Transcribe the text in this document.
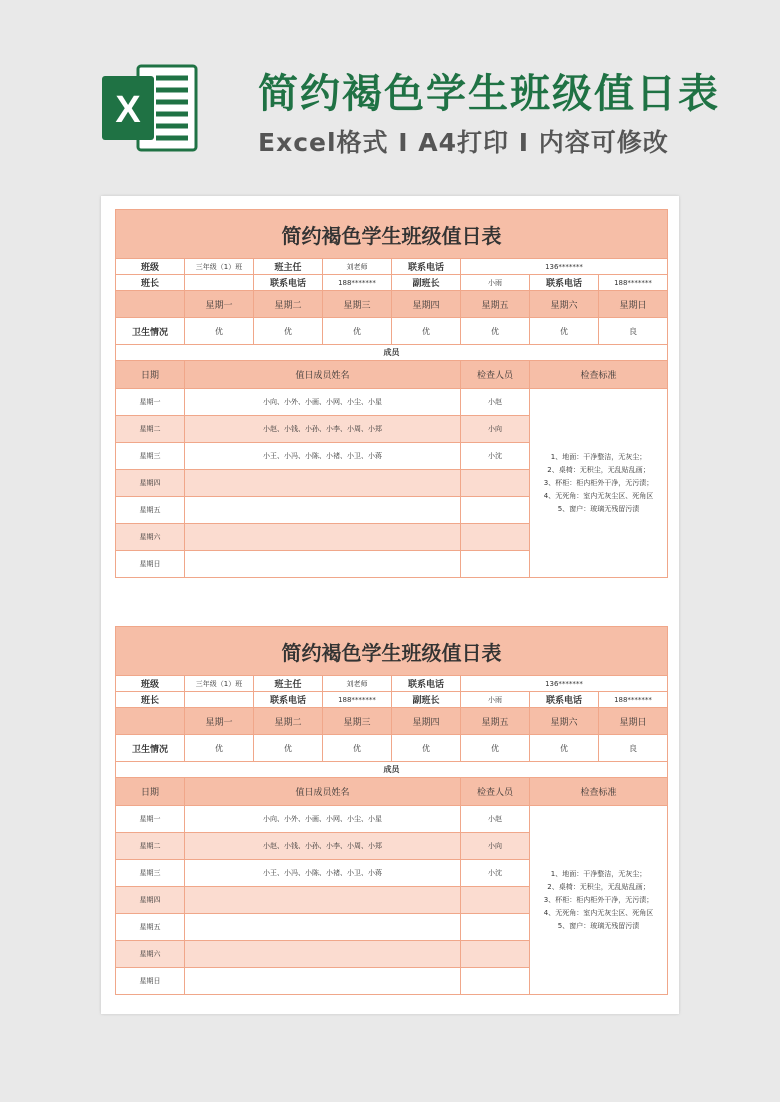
X	简约褐色学生班级值日表
Excel格式 I A4打印 I 内容可修改
简约褐色学生班级值日表							
班级	三年级（1）班	班主任	刘老师	联系电话	136*******		
班长		联系电话	188*******	副班长	小雨	联系电话	188*******
	星期一	星期二	星期三	星期四	星期五	星期六	星期日
卫生情况	优	优	优	优	优	优	良
成员							
日期	值日成员姓名				检查人员	检查标准	
星期一	小向、小外、小画、小网、小尘、小星				小赵	1、地面：干净整洁，无灰尘；
2、桌椅：无积尘，无乱贴乱画；
3、杯柜：柜内柜外干净，无污渍；
4、无死角：室内无灰尘区、死角区
5、窗户：玻璃无残留污渍	

星期二	小赵、小钱、小孙、小李、小周、小郑				小向		
星期三	小王、小冯、小陈、小褚、小卫、小蒋				小沈		
星期四							
星期五							
星期六							
星期日							
简约褐色学生班级值日表							
班级	三年级（1）班	班主任	刘老师	联系电话	136*******		
班长		联系电话	188*******	副班长	小雨	联系电话	188*******
	星期一	星期二	星期三	星期四	星期五	星期六	星期日
卫生情况	优	优	优	优	优	优	良
成员							
日期	值日成员姓名				检查人员	检查标准	
星期一	小向、小外、小画、小网、小尘、小星				小赵	1、地面：干净整洁，无灰尘；
2、桌椅：无积尘，无乱贴乱画；
3、杯柜：柜内柜外干净，无污渍；
4、无死角：室内无灰尘区、死角区
5、窗户：玻璃无残留污渍	

星期二	小赵、小钱、小孙、小李、小周、小郑				小向		
星期三	小王、小冯、小陈、小褚、小卫、小蒋				小沈		
星期四							
星期五							
星期六							
星期日							
